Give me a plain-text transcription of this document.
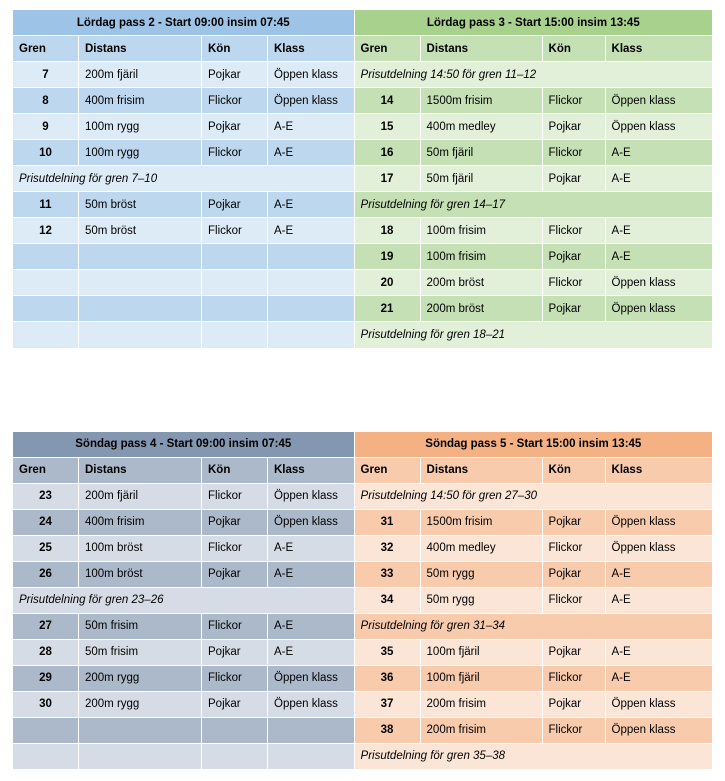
Lördag pass 2 - Start 09:00 insim 07:45			
Gren	Distans	Kön	Klass
7	200m fjäril	Pojkar	Öppen klass
8	400m frisim	Flickor	Öppen klass
9	100m rygg	Pojkar	A-E
10	100m rygg	Flickor	A-E
Prisutdelning för gren 7–10			
11	50m bröst	Pojkar	A-E
12	50m bröst	Flickor	A-E

Lördag pass 3 - Start 15:00 insim 13:45			
Gren	Distans	Kön	Klass
Prisutdelning 14:50 för gren 11–12			
14	1500m frisim	Flickor	Öppen klass
15	400m medley	Pojkar	Öppen klass
16	50m fjäril	Flickor	A-E
17	50m fjäril	Pojkar	A-E
Prisutdelning för gren 14–17			
18	100m frisim	Flickor	A-E
19	100m frisim	Pojkar	A-E
20	200m bröst	Flickor	Öppen klass
21	200m bröst	Pojkar	Öppen klass
Prisutdelning för gren 18–21			
Söndag pass 4 - Start 09:00 insim 07:45			
Gren	Distans	Kön	Klass
23	200m fjäril	Flickor	Öppen klass
24	400m frisim	Pojkar	Öppen klass
25	100m bröst	Flickor	A-E
26	100m bröst	Pojkar	A-E
Prisutdelning för gren 23–26			
27	50m frisim	Flickor	A-E
28	50m frisim	Pojkar	A-E
29	200m rygg	Flickor	Öppen klass
30	200m rygg	Pojkar	Öppen klass

Söndag pass 5 - Start 15:00 insim 13:45			
Gren	Distans	Kön	Klass
Prisutdelning 14:50 för gren 27–30			
31	1500m frisim	Pojkar	Öppen klass
32	400m medley	Flickor	Öppen klass
33	50m rygg	Pojkar	A-E
34	50m rygg	Flickor	A-E
Prisutdelning för gren 31–34			
35	100m fjäril	Pojkar	A-E
36	100m fjäril	Flickor	A-E
37	200m frisim	Pojkar	Öppen klass
38	200m frisim	Flickor	Öppen klass
Prisutdelning för gren 35–38			
